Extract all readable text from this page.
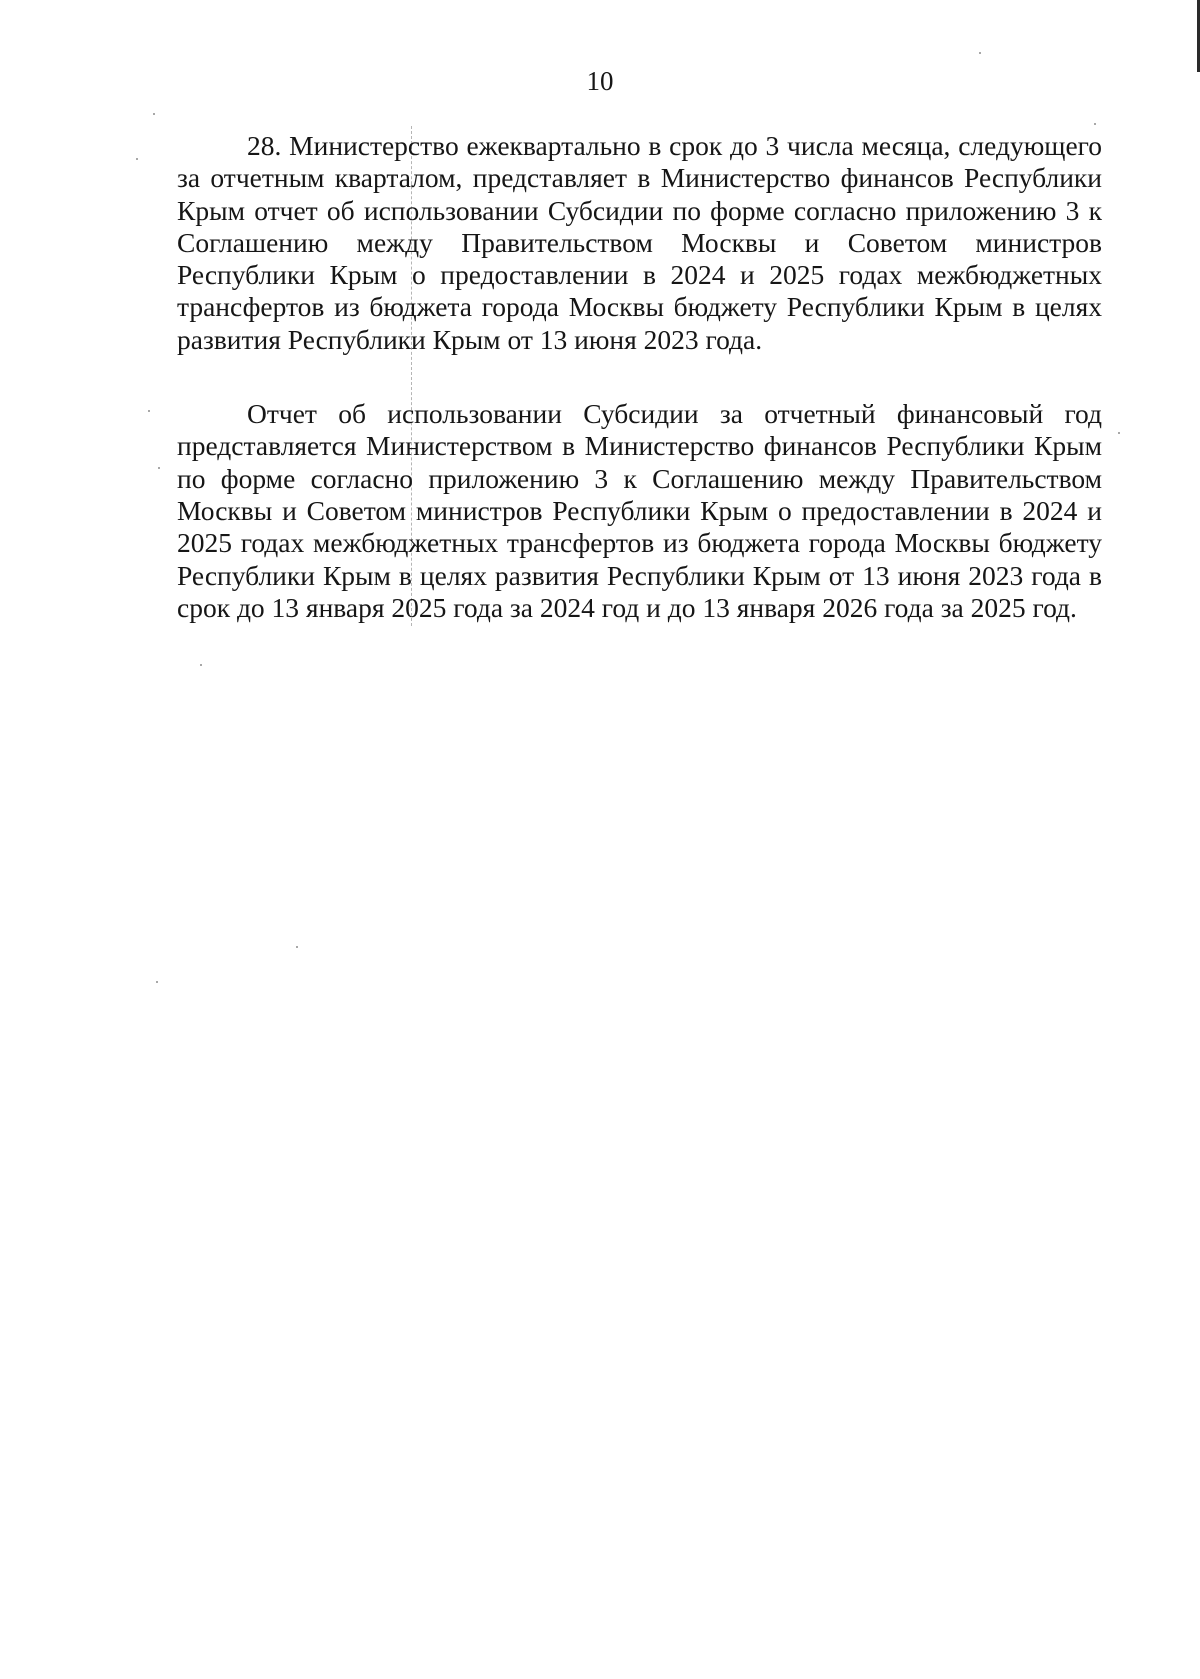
10

28. Министерство ежеквартально в срок до 3 числа месяца, следующего за отчетным кварталом, представляет в Министерство финансов Республики Крым отчет об использовании Субсидии по форме согласно приложению 3 к Соглашению между Правительством Москвы и Советом министров Республики Крым о предоставлении в 2024 и 2025 годах межбюджетных трансфертов из бюджета города Москвы бюджету Республики Крым в целях развития Республики Крым от 13 июня 2023 года.

Отчет об использовании Субсидии за отчетный финансовый год представляется Министерством в Министерство финансов Республики Крым по форме согласно приложению 3 к Соглашению между Правительством Москвы и Советом министров Республики Крым о предоставлении в 2024 и 2025 годах межбюджетных трансфертов из бюджета города Москвы бюджету Республики Крым в целях развития Республики Крым от 13 июня 2023 года в срок до 13 января 2025 года за 2024 год и до 13 января 2026 года за 2025 год.
